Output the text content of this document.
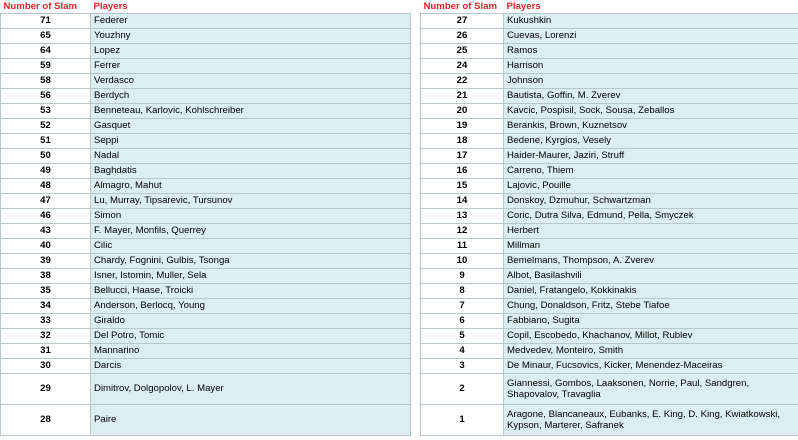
Number of Slam	Players
71	Federer
65	Youzhny
64	Lopez
59	Ferrer
58	Verdasco
56	Berdych
53	Benneteau, Karlovic, Kohlschreiber
52	Gasquet
51	Seppi
50	Nadal
49	Baghdatis
48	Almagro, Mahut
47	Lu, Murray, Tipsarevic, Tursunov
46	Simon
43	F. Mayer, Monfils, Querrey
40	Cilic
39	Chardy, Fognini, Gulbis, Tsonga
38	Isner, Istomin, Muller, Sela
35	Bellucci, Haase, Troicki
34	Anderson, Berlocq, Young
33	Giraldo
32	Del Potro, Tomic
31	Mannarino
30	Darcis
29	Dimitrov, Dolgopolov, L. Mayer
28	Paire
Number of Slam	Players
27	Kukushkin
26	Cuevas, Lorenzi
25	Ramos
24	Harrison
22	Johnson
21	Bautista, Goffin, M. Zverev
20	Kavcic, Pospisil, Sock, Sousa, Zeballos
19	Berankis, Brown, Kuznetsov
18	Bedene, Kyrgios, Vesely
17	Haider-Maurer, Jaziri, Struff
16	Carreno, Thiem
15	Lajovic, Pouille
14	Donskoy, Dzmuhur, Schwartzman
13	Coric, Dutra Silva, Edmund, Pella, Smyczek
12	Herbert
11	Millman
10	Bemelmans, Thompson, A. Zverev
9	Albot, Basilashvili
8	Daniel, Fratangelo, Kokkinakis
7	Chung, Donaldson, Fritz, Stebe Tiafoe
6	Fabbiano, Sugita
5	Copil, Escobedo, Khachanov, Millot, Rublev
4	Medvedev, Monteiro, Smith
3	De Minaur, Fucsovics, Kicker, Menendez-Maceiras
2	Giannessi, Gombos, Laaksonen, Norrie, Paul, Sandgren, Shapovalov, Travaglia
1	Aragone, Blancaneaux, Eubanks, E. King, D. King, Kwiatkowski, Kypson, Marterer, Safranek
